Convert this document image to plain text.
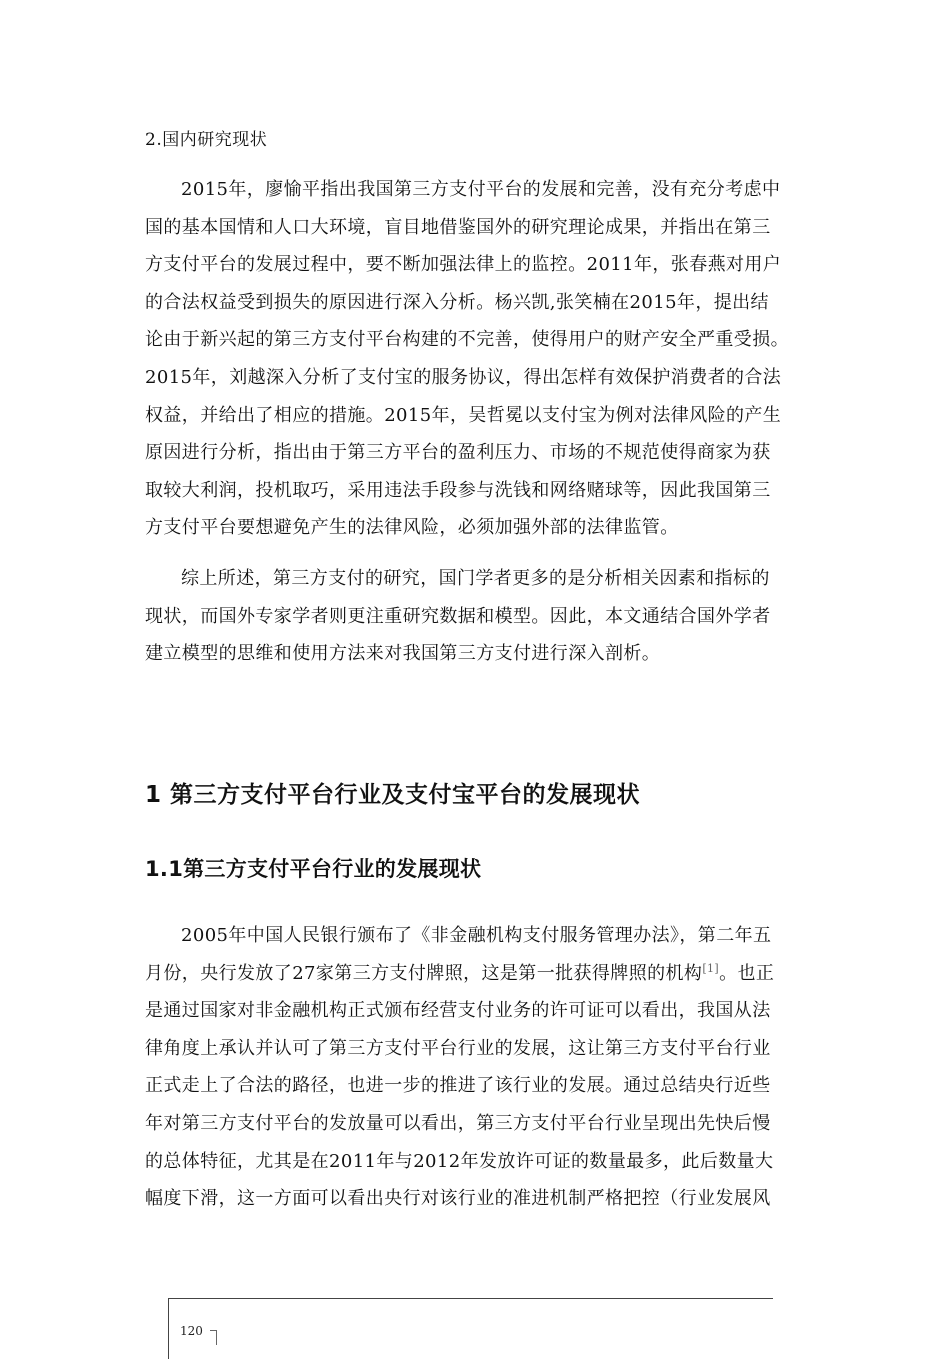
2.国内研究现状
2015年，廖愉平指出我国第三方支付平台的发展和完善，没有充分考虑中
国的基本国情和人口大环境，盲目地借鉴国外的研究理论成果，并指出在第三
方支付平台的发展过程中，要不断加强法律上的监控。2011年，张春燕对用户
的合法权益受到损失的原因进行深入分析。杨兴凯,张笑楠在2015年，提出结
论由于新兴起的第三方支付平台构建的不完善，使得用户的财产安全严重受损。
2015年，刘越深入分析了支付宝的服务协议，得出怎样有效保护消费者的合法
权益，并给出了相应的措施。2015年，吴哲冕以支付宝为例对法律风险的产生
原因进行分析，指出由于第三方平台的盈利压力、市场的不规范使得商家为获
取较大利润，投机取巧，采用违法手段参与洗钱和网络赌球等，因此我国第三
方支付平台要想避免产生的法律风险，必须加强外部的法律监管。
综上所述，第三方支付的研究，国门学者更多的是分析相关因素和指标的
现状，而国外专家学者则更注重研究数据和模型。因此，本文通结合国外学者
建立模型的思维和使用方法来对我国第三方支付进行深入剖析。
1 第三方支付平台行业及支付宝平台的发展现状
1.1第三方支付平台行业的发展现状
2005年中国人民银行颁布了《非金融机构支付服务管理办法》，第二年五
月份，央行发放了27家第三方支付牌照，这是第一批获得牌照的机构[1]。也正
是通过国家对非金融机构正式颁布经营支付业务的许可证可以看出，我国从法
律角度上承认并认可了第三方支付平台行业的发展，这让第三方支付平台行业
正式走上了合法的路径，也进一步的推进了该行业的发展。通过总结央行近些
年对第三方支付平台的发放量可以看出，第三方支付平台行业呈现出先快后慢
的总体特征，尤其是在2011年与2012年发放许可证的数量最多，此后数量大
幅度下滑，这一方面可以看出央行对该行业的准进机制严格把控（行业发展风
120
